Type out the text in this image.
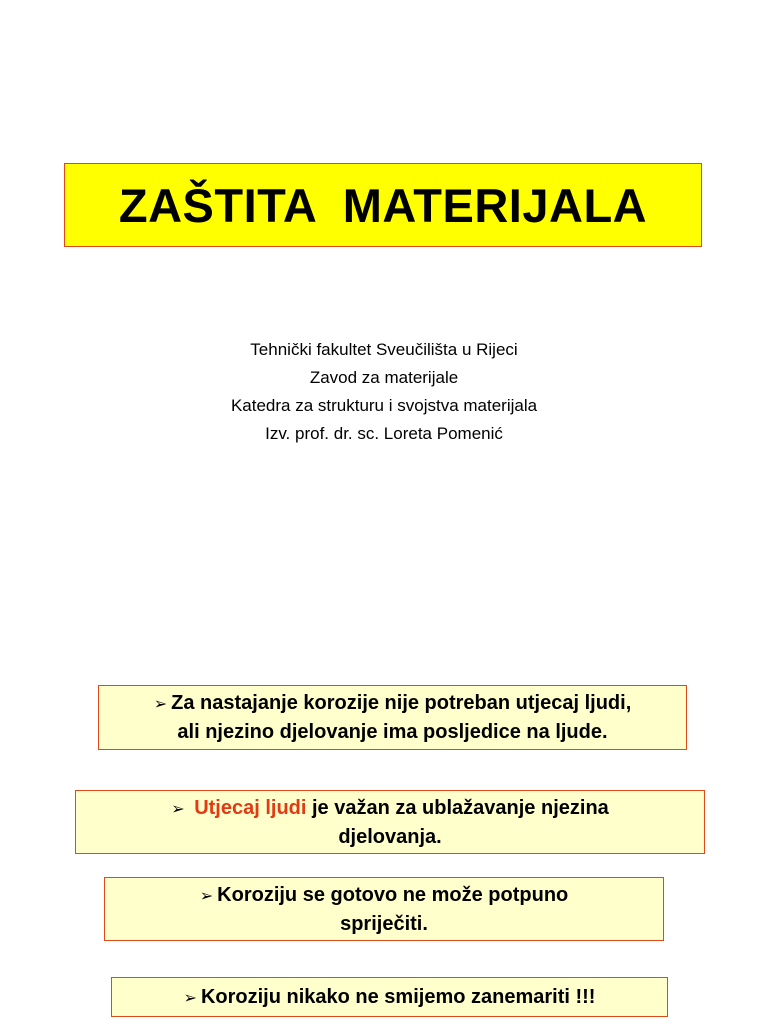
ZAŠTITA  MATERIJALA
Tehnički fakultet Sveučilišta u Rijeci
Zavod za materijale
Katedra za strukturu i svojstva materijala
Izv. prof. dr. sc. Loreta Pomenić
➢ Za nastajanje korozije nije potreban utjecaj ljudi,
ali njezino djelovanje ima posljedice na ljude.
➢ Utjecaj ljudi je važan za ublažavanje njezina
djelovanja.
➢ Koroziju se gotovo ne može potpuno
spriječiti.
➢ Koroziju nikako ne smijemo zanemariti !!!
